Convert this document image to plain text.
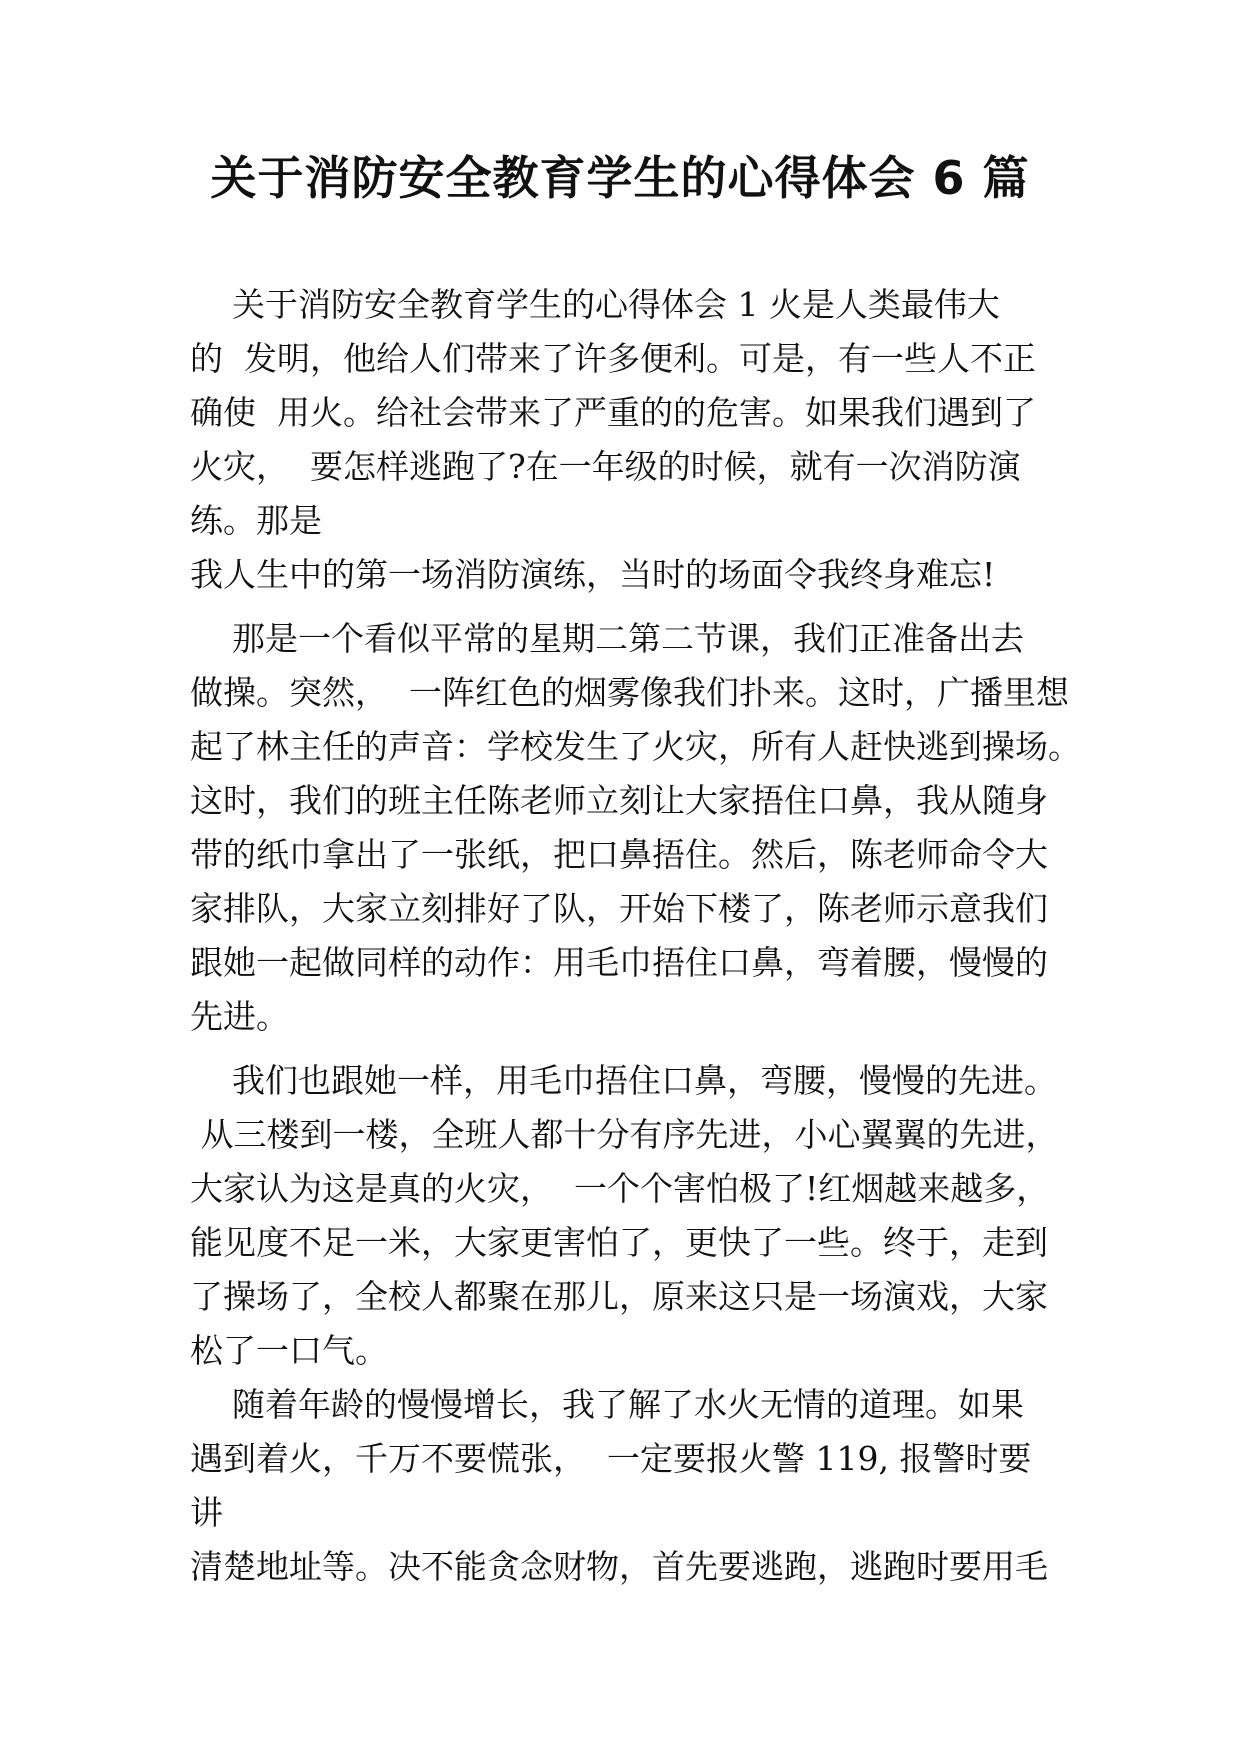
关于消防安全教育学生的心得体会 6 篇
关于消防安全教育学生的心得体会 1 火是人类最伟大
的  发明，他给人们带来了许多便利。可是，有一些人不正
确使  用火。给社会带来了严重的的危害。如果我们遇到了
火灾，  要怎样逃跑了?在一年级的时候，就有一次消防演
练。那是
我人生中的第一场消防演练，当时的场面令我终身难忘!
那是一个看似平常的星期二第二节课，我们正准备出去
做操。突然，  一阵红色的烟雾像我们扑来。这时，广播里想
起了林主任的声音：学校发生了火灾，所有人赶快逃到操场。
这时，我们的班主任陈老师立刻让大家捂住口鼻，我从随身
带的纸巾拿出了一张纸，把口鼻捂住。然后，陈老师命令大
家排队，大家立刻排好了队，开始下楼了，陈老师示意我们
跟她一起做同样的动作：用毛巾捂住口鼻，弯着腰，慢慢的
先进。
我们也跟她一样，用毛巾捂住口鼻，弯腰，慢慢的先进。
从三楼到一楼，全班人都十分有序先进，小心翼翼的先进，
大家认为这是真的火灾，  一个个害怕极了!红烟越来越多，
能见度不足一米，大家更害怕了，更快了一些。终于，走到
了操场了，全校人都聚在那儿，原来这只是一场演戏，大家
松了一口气。
随着年龄的慢慢增长，我了解了水火无情的道理。如果
遇到着火，千万不要慌张，  一定要报火警 119, 报警时要
讲
清楚地址等。决不能贪念财物，首先要逃跑，逃跑时要用毛
